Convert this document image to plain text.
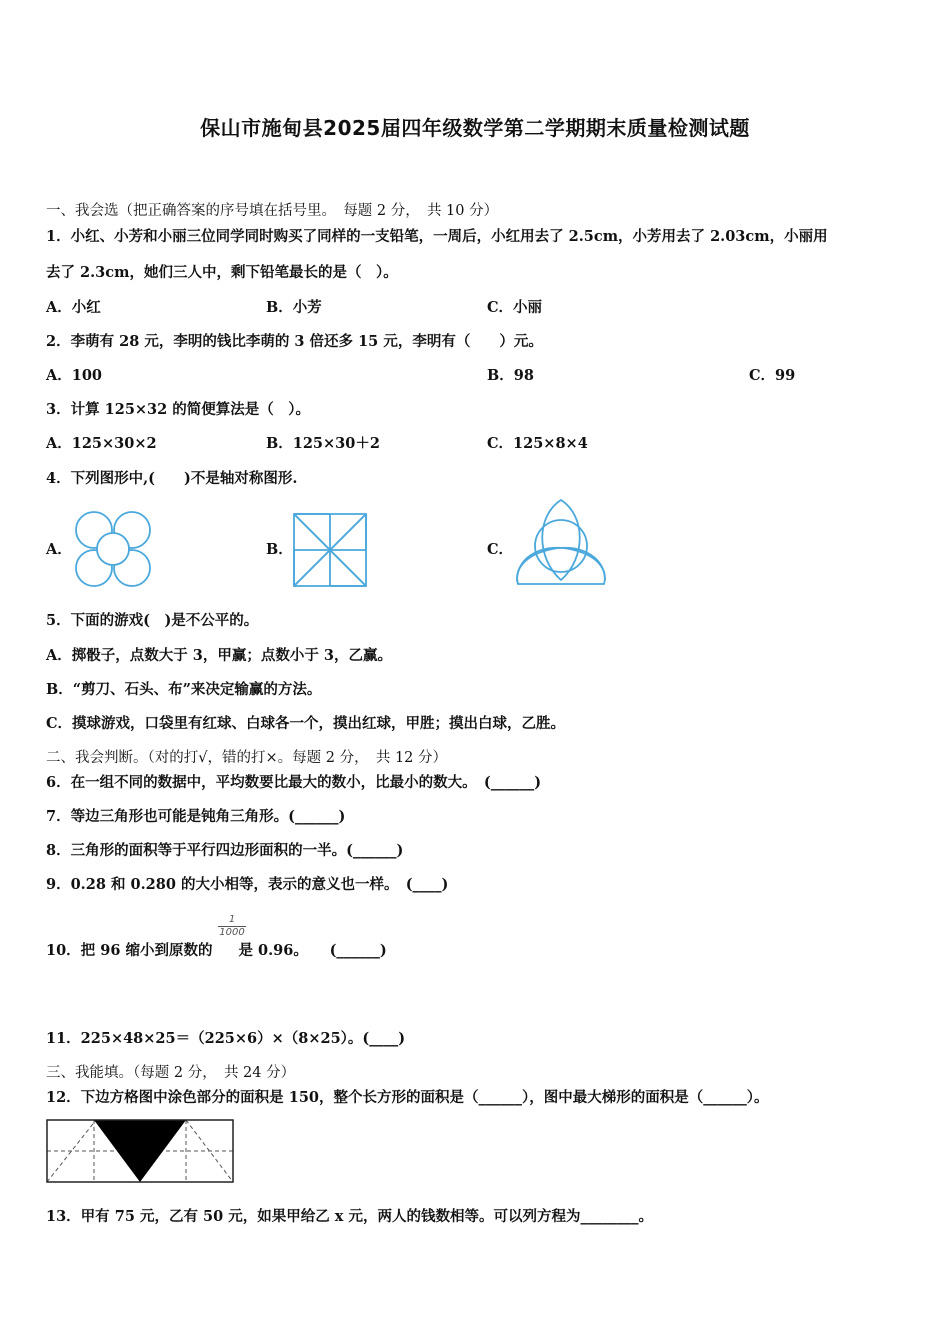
保山市施甸县2025届四年级数学第二学期期末质量检测试题
一、我会选（把正确答案的序号填在括号里。　每题 2 分，　共 10 分）
1．小红、小芳和小丽三位同学同时购买了同样的一支铅笔，一周后，小红用去了 2.5cm，小芳用去了 2.03cm，小丽用
去了 2.3cm，她们三人中，剩下铅笔最长的是（　）。
A．小红	B．小芳	C．小丽
2．李萌有 28 元，李明的钱比李萌的 3 倍还多 15 元，李明有（　　）元。
A．100	B．98	C．99
3．计算 125×32 的简便算法是（　）。
A．125×30×2	B．125×30＋2	C．125×8×4
4．下列图形中,(　　)不是轴对称图形.
A．	B．	C．
5．下面的游戏(　)是不公平的。
A．掷骰子，点数大于 3，甲赢；点数小于 3，乙赢。
B．“剪刀、石头、布”来决定输赢的方法。
C．摸球游戏，口袋里有红球、白球各一个，摸出红球，甲胜；摸出白球，乙胜。
二、我会判断。（对的打√，错的打×。每题 2 分，　共 12 分）
6．在一组不同的数据中，平均数要比最大的数小，比最小的数大。　(______)
7．等边三角形也可能是钝角三角形。(______)
8．三角形的面积等于平行四边形面积的一半。(______)
9．0.28 和 0.280 的大小相等，表示的意义也一样。　(____)
10．把 96 缩小到原数的 是 0.96。　　(______)
$\frac{1}{1000}$
11．225×48×25＝（225×6）×（8×25）。(____)
三、我能填。（每题 2 分，　共 24 分）
12．下边方格图中涂色部分的面积是 150，整个长方形的面积是（______），图中最大梯形的面积是（______）。
13．甲有 75 元，乙有 50 元，如果甲给乙 x 元，两人的钱数相等。可以列方程为________。
